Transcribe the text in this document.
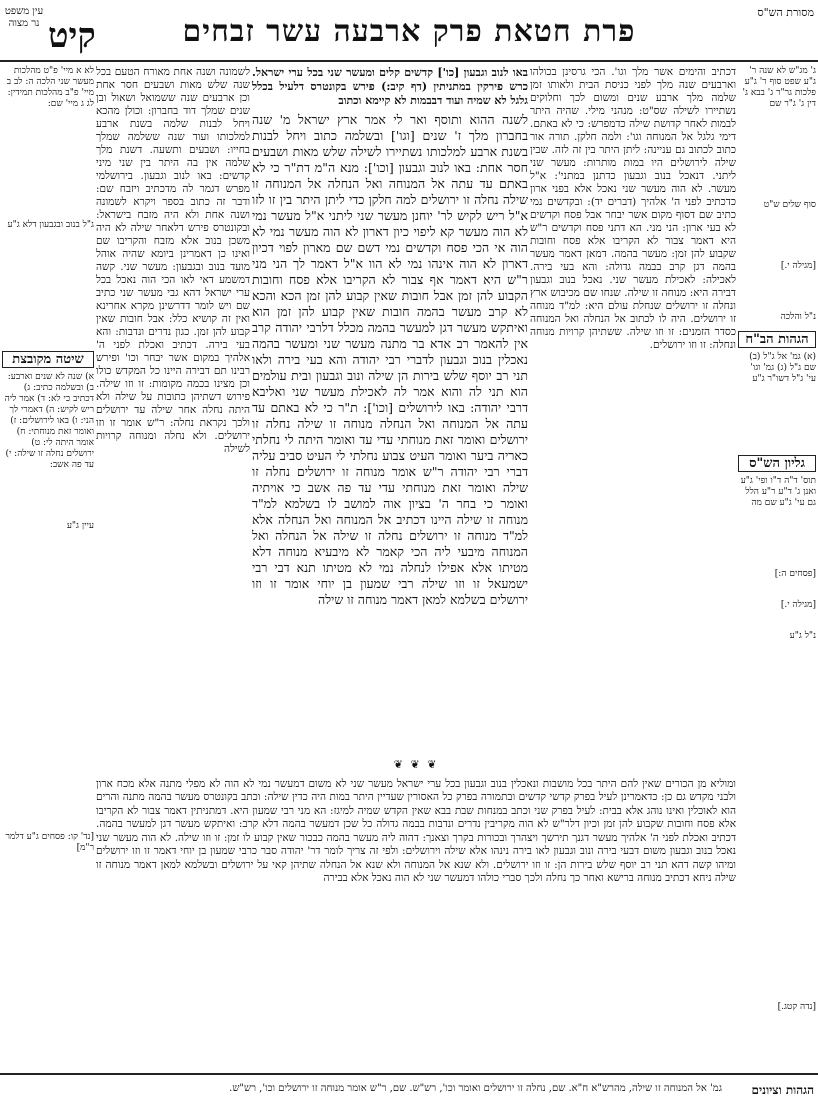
מסורת הש"ס
פרת חטאת פרק ארבעה עשר זבחים
קיט
עין משפט נר מצוה
ג' מג"ש לא שנה ר' ג"ע שפט סוף ר' ג"ע פלכות גר"ר ג' בבא ג' דין ג' ג"ר שם
סוף שלים ש"ט
[מגילה י.]
נ"ל והלכה
הגהות הב"ח
(א) גמ' אל ג"ל (ב) שם ג"ל (ג) גמ' וגו' עי' ג"ל דשו"ר ג"ע
גליון הש"ס
תוס' ד"ה ד"ו ופי' ג"ע ואנן ג' ד"ע ר"ע הלל גם עי' ג"ע שם מה
[פסחים ה:]
[מגילה י.]
נ"ל ג"ע
[נדה קטג.]

דכתיב והימים אשר מלך וגו'. הכי גרסינן בכולהו וארבעים שנה מלך לפני כניסת הבית ולאותו זמן שלמה מלך ארבע שנים ומשום לכך וחלוקים נשתיירו לשילה שס"ט: מנהני מילי. שהיה היתר לבמות לאחר קדושת שילה כדמפרש: כי לא באתם. דימי גלגל אל המנוחה וגו': ולמה חלקן. תורה אור כתוב לכתוב גם עניינה: ליתן היתר בין זה לזה. שבין שילה לירושלים היו במות מותרות: מעשר שני ליתני. דנאכל בנוב וגבעון כדתנן במתני': א"ל מעשר. לא הוה מעשר שני נאכל אלא בפני ארון כדכתיב לפני ה' אלהיך (דברים יד): ובקדשים נמי כתיב שם דסוף מקום אשר יבחר אבל פסח וקדשים לא בעי ארון: הני מני. הא דתני פסח וקדשים ר"ש היא דאמר צבור לא הקריבו אלא פסח וחובות שקבוע להן זמן: מעשר בהמה. דמאן דאמר מעשר בהמה דגן קרב בבמה גדולה: והא בעי בירה. לאכילה: לאכילת מעשר שני. נאכל בנוב וגבעון דבירה היא: מנוחה זו שילה. שנחו שם מכיבוש ארץ ונחלה זו ירושלים שנחלת עולם היא: למ"ד מנוחה זו ירושלים. היה לו לכתוב אל הנחלה ואל המנוחה כסדר הזמנים: זו וזו שילה. ששתיהן קרויות מנוחה ונחלה: זו וזו ירושלים.

באו לנוב וגבעון [כו'] קדשים קלים ומעשר שני בכל ערי ישראל. כרש פירקין במתניתין (דף קיב:) פירש בקונטרס דלעיל בכלל גלגל לא שמיה ועוד דבבמות לא קיימא וכתוב

לשנה ההוא ותוסף ואר לי אמר ארץ ישראל מ' שנה בחברון מלך ז' שנים [וגו'] ובשלמה כתוב ויחל לבנות בשנת ארבע למלכותו נשתיירו לשילה שלש מאות ושבעים חסר אחת: באו לנוב וגבעון [וכו']: מנא ה"מ דת"ר כי לא באתם עד עתה אל המנוחה ואל הנחלה אל המנוחה זו שילה נחלה זו ירושלים למה חלקן כדי ליתן היתר בין זו לזו א"ל ריש לקיש לר' יוחנן מעשר שני ליתני א"ל מעשר נמי לא הוה מעשר קא ליפוי כיון דארון לא הוה מעשר נמי לא הוה אי הכי פסח וקדשים נמי דשם שם מארון לפוי דכיון דארון לא הוה אינהו נמי לא הוו א"ל דאמר לך הני מני ר"ש היא דאמר אף צבור לא הקריבו אלא פסח וחובות הקבוע להן זמן אבל חובות שאין קבוע להן זמן הכא והכא לא קרב מעשר בהמה חובות שאין קבוע להן זמן הוא ואיתקש מעשר דגן למעשר בהמה מכלל דלרבי יהודה קרב אין להאמר רב אדא בר מתנה מעשר שני ומעשר בהמה נאכלין בנוב וגבעון לדברי רבי יהודה והא בעי בירה ולאו תני רב יוסף שלש בירות הן שילה ונוב וגבעון ובית עולמים הוא תני לה והוא אמר לה לאכילת מעשר שני ואליבא דרבי יהודה: באו לירושלים [וכו']: ת"ר כי לא באתם עד עתה אל המנוחה ואל הנחלה מנוחה זו שילה נחלה זו ירושלים ואומר זאת מנוחתי עדי עד ואומר היתה לי נחלתי כאריה ביער ואומר העיט צבוע נחלתי לי העיט סביב עליה דברי רבי יהודה ר"ש אומר מנוחה זו ירושלים נחלה זו שילה ואומר זאת מנוחתי עדי עד פה אשב כי אויתיה ואומר כי בחר ה' בציון אוה למושב לו בשלמא למ"ד מנוחה זו שילה היינו דכתיב אל המנוחה ואל הנחלה אלא למ"ד מנוחה זו ירושלים נחלה זו שילה אל הנחלה ואל המנוחה מיבעי ליה הכי קאמר לא מיבעיא מנוחה דלא מטיתו אלא אפילו לנחלה נמי לא מטיתו תנא דבי רבי ישמעאל זו וזו שילה רבי שמעון בן יוחי אומר זו וזו ירושלים בשלמא למאן דאמר מנוחה זו שילה

לשמונה ושנה אחת מאורח הטעם בכל שנה שלש מאות ושבעים חסר אחת וכן ארבעים שנה ששמואל ושאול ובן שנים שמלך דוד בחברון: וכולן מהכא ויחל לבנות שלמה בשנת ארבע למלכותו ועוד שנה ששלמה שמלך בחייו: ושבעים ותשעה. דשנת מלך שלמה אין בה היתר בין שני מיני קדשים: באו לנוב וגבעון. בירושלמי מפרש דגמר לה מדכתיב ויזבח שם: ודבר זה כתוב בספר ויקרא לשמונה ושנה אחת ולא היה מזבח בישראל: ובקונטרס פירש דלאחר שילה לא היה משכן בנוב אלא מזבח והקריבו שם ואינו כן דאמרינן ביומא שהיה אוהל מועד בנוב ובגבעון: מעשר שני. קשה דמשמע דאי לאו הכי הוה נאכל בכל ערי ישראל דהא גבי מעשר שני כתיב שם ויש לומר דדרשינן מקרא אחרינא ואין זה קושיא כלל: אבל חובות שאין קבוע להן זמן. כגון נדרים ונדבות: והא בעי בירה. דכתיב ואכלת לפני ה' אלהיך במקום אשר יבחר וכו' ופירש רבינו תם דבירה היינו כל המקדש כולו וכן מצינו בכמה מקומות: זו וזו שילה. פירוש דשתיהן כתובות על שילה ולא היתה נחלה אחר שילה עד ירושלים ולכך נקראת נחלה: ר"ש אומר זו וזו ירושלים. ולא נחלה ומנוחה קרויות לשילה

לא א מיי' פ"ט מהלכות מעשר שני הלכה ה: לב ב מיי' פ"ב מהלכות תמידין: לג ג מיי' שם:
ג"ל בנוב ובגבעון דלא ג"ע
שיטה מקובצת
א) שנה לא שנים וארבע: ב) ובשלמה כתיב: ג) דכתיב כי לא: ד) אמר ליה ריש לקיש: ה) דאמרי לך הני: ו) באו לירושלים: ז) ואומר זאת מנוחתי: ח) אומר היתה לי: ט) ירושלים נחלה זו שילה: י) עד פה אשב:
עיין ג"ע
[נד' קו: פסחים ג"ע דלמר ר"מ]
❦ ❦ ❦

ומוליא מן הכורים שאין להם היתר בכל מושבות ונאכלין בנוב וגבעון בכל ערי ישראל מעשר שני לא משום דמעשר נמי לא הוה לא מפלי מתנה אלא מכח ארון ולבני מקדש גם כן: כדאמרינן לעיל בפרק קדשי קדשים ובתמורה בפרק כל האסורין שעדיין היתר במות היה כדין שילה: וכתב בקונטרס מעשר בהמה מתנה והרים הוא לאוכלין ואינו נוהג אלא בבית: לעיל בפרק שני וכתב במנחות שבת בבא שאין הקדש שמיה למיגז: הא מני רבי שמעון היא. דמתניתין דאמר צבור לא הקריבו אלא פסח וחובות שקבוע להן זמן וכיון דלר"ש לא הוה מקריבין נדרים ונדבות בבמה גדולה כל שכן דמעשר בהמה דלא קרב: ואיתקש מעשר דגן למעשר בהמה. דכתיב ואכלת לפני ה' אלהיך מעשר דגנך תירשך ויצהרך ובכורות בקרך וצאנך: דהוה ליה מעשר בהמה כבכור שאין קבוע לו זמן: זו וזו שילה. לא הוה מעשר שני נאכל בנוב וגבעון משום דבעי בירה ונוב וגבעון לאו בירה נינהו אלא שילה וירושלים: ולפי זה צריך לומר דר' יהודה סבר כרבי שמעון בן יוחי דאמר זו וזו ירושלים ומיהו קשה דהא תני רב יוסף שלש בירות הן: זו וזו ירושלים. ולא שנא אל המנוחה ולא שנא אל הנחלה שתיהן קאי על ירושלים ובשלמא למאן דאמר מנוחה זו שילה ניחא דכתיב מנוחה ברישא ואחר כך נחלה ולכך סברי כולהו דמעשר שני לא הוה נאכל אלא בבירה

הגהות וציונים
גמ' אל המנוחה זו שילה, מהרש"א ח"א. שם, נחלה זו ירושלים ואומר וכו', רש"ש. שם, ר"ש אומר מנוחה זו ירושלים וכו', רש"ש.
